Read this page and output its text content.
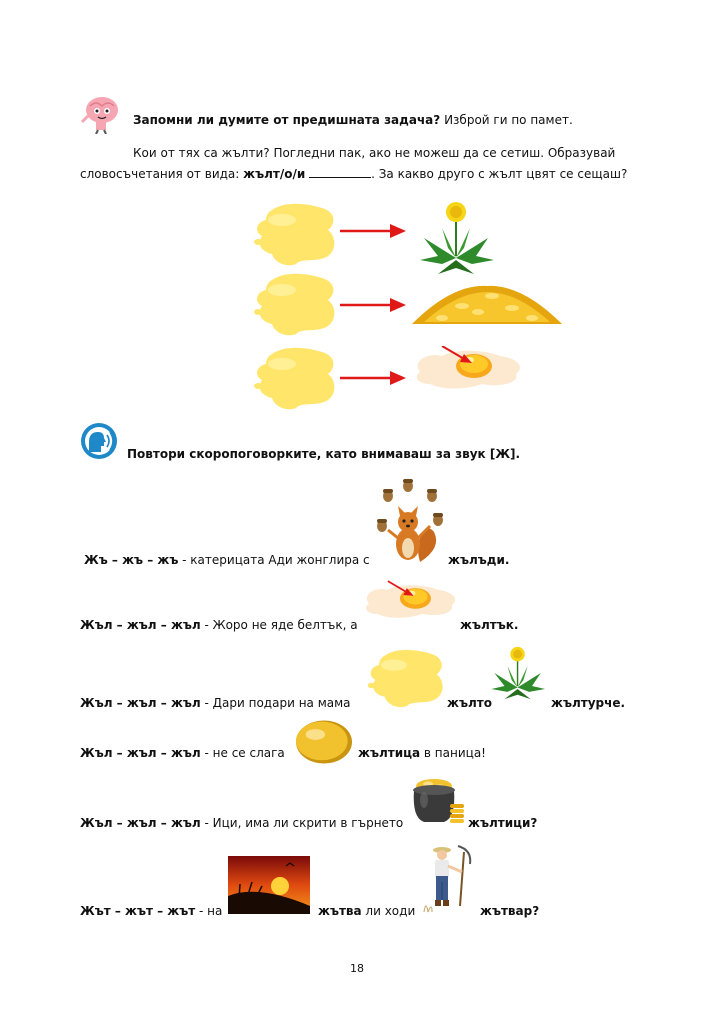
Запомни ли думите от предишната задача? Изброй ги по памет.
Кои от тях са жълти? Погледни пак, ако не можеш да се сетиш. Образувай
словосъчетания от вида: жълт/о/и	. За какво друго с жълт цвят се сещаш?
Повтори скоропоговорките, като внимаваш за звук [Ж].
Жъ – жъ – жъ - катерицата Ади жонглира с	жълъди.
Жъл – жъл – жъл - Жоро не яде белтък, а	жълтък.
Жъл – жъл – жъл - Дари подари на мама	жълто	жълтурче.
Жъл – жъл – жъл - не се слага	жълтица в паница!
Жъл – жъл – жъл - Ици, има ли скрити в гърнето	жълтици?
Жът – жът – жът - на	жътва ли ходи	жътвар?
18
